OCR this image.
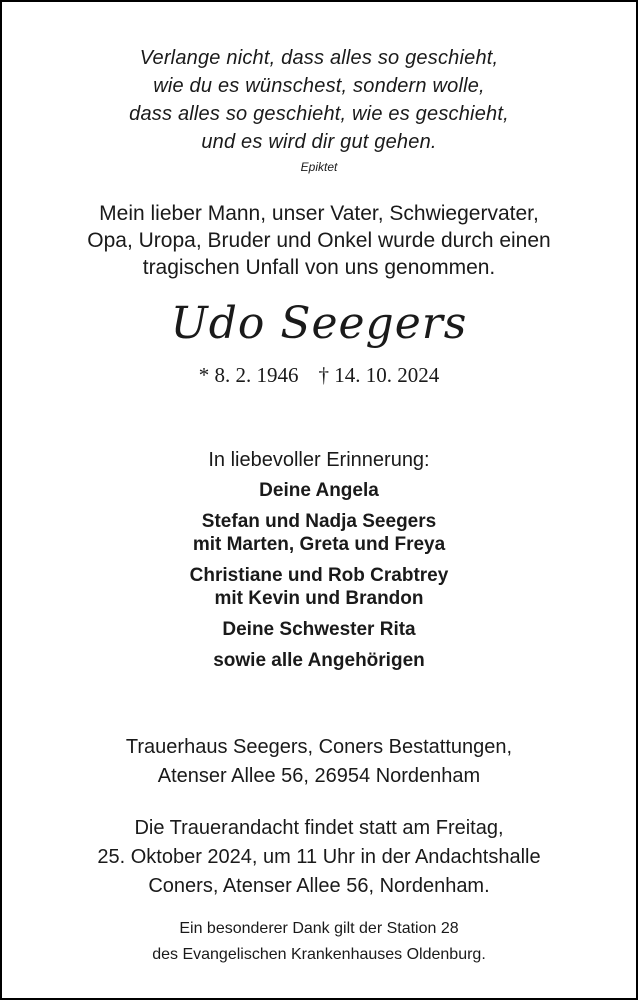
Verlange nicht, dass alles so geschieht,
wie du es wünschest, sondern wolle,
dass alles so geschieht, wie es geschieht,
und es wird dir gut gehen.
Epiktet
Mein lieber Mann, unser Vater, Schwiegervater,
Opa, Uropa, Bruder und Onkel wurde durch einen
tragischen Unfall von uns genommen.
Udo Seegers
* 8. 2. 1946 † 14. 10. 2024
In liebevoller Erinnerung:
Deine Angela
Stefan und Nadja Seegers
mit Marten, Greta und Freya
Christiane und Rob Crabtrey
mit Kevin und Brandon
Deine Schwester Rita
sowie alle Angehörigen
Trauerhaus Seegers, Coners Bestattungen,
Atenser Allee 56, 26954 Nordenham
Die Trauerandacht findet statt am Freitag,
25. Oktober 2024, um 11 Uhr in der Andachtshalle
Coners, Atenser Allee 56, Nordenham.
Ein besonderer Dank gilt der Station 28
des Evangelischen Krankenhauses Oldenburg.
